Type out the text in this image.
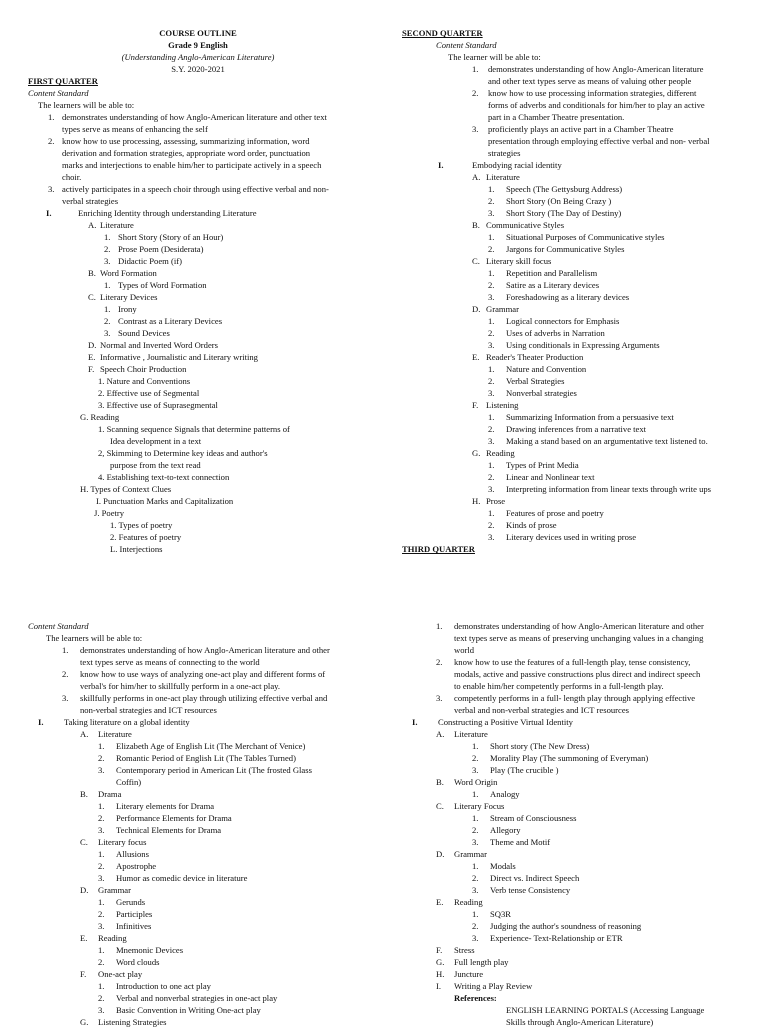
COURSE OUTLINE
Grade 9 English
(Understanding Anglo-American Literature)
S.Y. 2020-2021
FIRST QUARTER
Content Standard
The learners will be able to:
1. demonstrates understanding of how Anglo-American literature and other text
types serve as means of enhancing the self
2. know how to use processing, assessing, summarizing information, word
derivation and formation strategies, appropriate word order, punctuation
marks and interjections to enable him/her to participate actively in a speech
choir.
3. actively participates in a speech choir through using effective verbal and non-
verbal strategies
I.	Enriching Identity through understanding Literature
A. Literature
1. Short Story (Story of an Hour)
2. Prose Poem (Desiderata)
3. Didactic Poem (if)
B. Word Formation
1. Types of Word Formation
C. Literary Devices
1. Irony
2. Contrast as a Literary Devices
3. Sound Devices
D. Normal and Inverted Word Orders
E. Informative , Journalistic and Literary writing
F. Speech Choir Production
1. Nature and Conventions
2. Effective use of Segmental
3. Effective use of Suprasegmental
G. Reading
1. Scanning sequence Signals that determine patterns of
Idea development in a text
2, Skimming to Determine key ideas and author's
purpose from the text read
4. Establishing text-to-text connection
H. Types of Context Clues
I. Punctuation Marks and Capitalization
J. Poetry
1. Types of poetry
2. Features of poetry
L. Interjections
SECOND QUARTER
Content Standard
The learner will be able to:
1. demonstrates understanding of how Anglo-American literature
and other text types serve as means of valuing other people
2. know how to use processing information strategies, different
forms of adverbs and conditionals for him/her to play an active
part in a Chamber Theatre presentation.
3. proficiently plays an active part in a Chamber Theatre
presentation through employing effective verbal and non- verbal
strategies
I.	Embodying racial identity
A. Literature
1. Speech (The Gettysburg Address)
2. Short Story (On Being Crazy )
3. Short Story (The Day of Destiny)
B. Communicative Styles
1. Situational Purposes of Communicative styles
2. Jargons for Communicative Styles
C. Literary skill focus
1. Repetition and Parallelism
2. Satire as a Literary devices
3. Foreshadowing as a literary devices
D. Grammar
1. Logical connectors for Emphasis
2. Uses of adverbs in Narration
3. Using conditionals in Expressing Arguments
E. Reader's Theater Production
1. Nature and Convention
2. Verbal Strategies
3. Nonverbal strategies
F. Listening
1. Summarizing Information from a persuasive text
2. Drawing inferences from a narrative text
3. Making a stand based on an argumentative text listened to.
G. Reading
1. Types of Print Media
2. Linear and Nonlinear text
3. Interpreting information from linear texts through write ups
H. Prose
1. Features of prose and poetry
2. Kinds of prose
3. Literary devices used in writing prose
THIRD QUARTER
Content Standard
The learners will be able to:
1. demonstrates understanding of how Anglo-American literature and other
text types serve as means of connecting to the world
2. know how to use ways of analyzing one-act play and different forms of
verbal's for him/her to skillfully perform in a one-act play.
3. skillfully performs in one-act play through utilizing effective verbal and
non-verbal strategies and ICT resources
I. Taking literature on a global identity
A. Literature
1. Elizabeth Age of English Lit (The Merchant of Venice)
2. Romantic Period of English Lit (The Tables Turned)
3. Contemporary period in American Lit (The frosted Glass
Coffin)
B. Drama
1. Literary elements for Drama
2. Performance Elements for Drama
3. Technical Elements for Drama
C. Literary focus
1. Allusions
2. Apostrophe
3. Humor as comedic device in literature
D. Grammar
1. Gerunds
2. Participles
3. Infinitives
E. Reading
1. Mnemonic Devices
2. Word clouds
F. One-act play
1. Introduction to one act play
2. Verbal and nonverbal strategies in one-act play
3. Basic Convention in Writing One-act play
G. Listening Strategies
1. demonstrates understanding of how Anglo-American literature and other
text types serve as means of preserving unchanging values in a changing
world
2. know how to use the features of a full-length play, tense consistency,
modals, active and passive constructions plus direct and indirect speech
to enable him/her competently performs in a full-length play.
3. competently performs in a full- length play through applying effective
verbal and non-verbal strategies and ICT resources
I. Constructing a Positive Virtual Identity
A. Literature
1. Short story (The New Dress)
2. Morality Play (The summoning of Everyman)
3. Play (The crucible )
B. Word Origin
1. Analogy
C. Literary Focus
1. Stream of Consciousness
2. Allegory
3. Theme and Motif
D. Grammar
1. Modals
2. Direct vs. Indirect Speech
3. Verb tense Consistency
E. Reading
1. SQ3R
2. Judging the author's soundness of reasoning
3. Experience- Text-Relationship or ETR
F. Stress
G. Full length play
H. Juncture
I. Writing a Play Review
References:
ENGLISH LEARNING PORTALS (Accessing Language
Skills through Anglo-American Literature)
